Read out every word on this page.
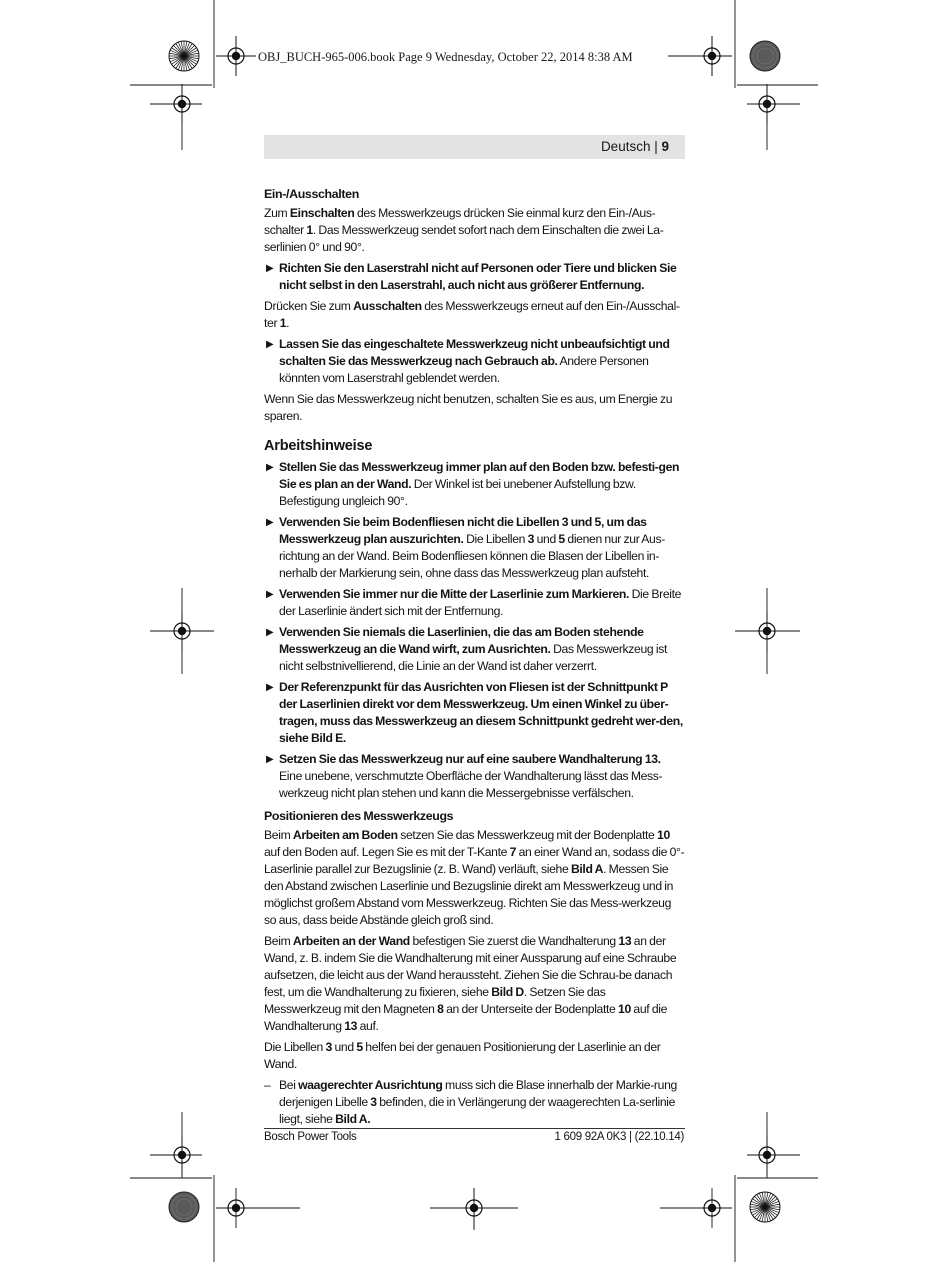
OBJ_BUCH-965-006.book Page 9 Wednesday, October 22, 2014 8:38 AM
Deutsch | 9
Ein-/Ausschalten

Zum Einschalten des Messwerkzeugs drücken Sie einmal kurz den Ein-/Aus-schalter 1. Das Messwerkzeug sendet sofort nach dem Einschalten die zwei La-serlinien 0° und 90°.

▶ Richten Sie den Laserstrahl nicht auf Personen oder Tiere und blicken Sie nicht selbst in den Laserstrahl, auch nicht aus größerer Entfernung.

Drücken Sie zum Ausschalten des Messwerkzeugs erneut auf den Ein-/Ausschal-ter 1.

▶ Lassen Sie das eingeschaltete Messwerkzeug nicht unbeaufsichtigt und schalten Sie das Messwerkzeug nach Gebrauch ab. Andere Personen könnten vom Laserstrahl geblendet werden.

Wenn Sie das Messwerkzeug nicht benutzen, schalten Sie es aus, um Energie zu sparen.

Arbeitshinweise
▶ Stellen Sie das Messwerkzeug immer plan auf den Boden bzw. befesti-gen Sie es plan an der Wand. Der Winkel ist bei unebener Aufstellung bzw. Befestigung ungleich 90°.
▶ Verwenden Sie beim Bodenfliesen nicht die Libellen 3 und 5, um das Messwerkzeug plan auszurichten. Die Libellen 3 und 5 dienen nur zur Aus-richtung an der Wand. Beim Bodenfliesen können die Blasen der Libellen in-nerhalb der Markierung sein, ohne dass das Messwerkzeug plan aufsteht.
▶ Verwenden Sie immer nur die Mitte der Laserlinie zum Markieren. Die Breite der Laserlinie ändert sich mit der Entfernung.
▶ Verwenden Sie niemals die Laserlinien, die das am Boden stehende Messwerkzeug an die Wand wirft, zum Ausrichten. Das Messwerkzeug ist nicht selbstnivellierend, die Linie an der Wand ist daher verzerrt.
▶ Der Referenzpunkt für das Ausrichten von Fliesen ist der Schnittpunkt P der Laserlinien direkt vor dem Messwerkzeug. Um einen Winkel zu über-tragen, muss das Messwerkzeug an diesem Schnittpunkt gedreht wer-den, siehe Bild E.
▶ Setzen Sie das Messwerkzeug nur auf eine saubere Wandhalterung 13. Eine unebene, verschmutzte Oberfläche der Wandhalterung lässt das Mess-werkzeug nicht plan stehen und kann die Messergebnisse verfälschen.
Positionieren des Messwerkzeugs

Beim Arbeiten am Boden setzen Sie das Messwerkzeug mit der Bodenplatte 10 auf den Boden auf. Legen Sie es mit der T-Kante 7 an einer Wand an, sodass die 0°-Laserlinie parallel zur Bezugslinie (z. B. Wand) verläuft, siehe Bild A. Messen Sie den Abstand zwischen Laserlinie und Bezugslinie direkt am Messwerkzeug und in möglichst großem Abstand vom Messwerkzeug. Richten Sie das Mess-werkzeug so aus, dass beide Abstände gleich groß sind.

Beim Arbeiten an der Wand befestigen Sie zuerst die Wandhalterung 13 an der Wand, z. B. indem Sie die Wandhalterung mit einer Aussparung auf eine Schraube aufsetzen, die leicht aus der Wand heraussteht. Ziehen Sie die Schrau-be danach fest, um die Wandhalterung zu fixieren, siehe Bild D. Setzen Sie das Messwerkzeug mit den Magneten 8 an der Unterseite der Bodenplatte 10 auf die Wandhalterung 13 auf.

Die Libellen 3 und 5 helfen bei der genauen Positionierung der Laserlinie an der Wand.

– Bei waagerechter Ausrichtung muss sich die Blase innerhalb der Markie-rung derjenigen Libelle 3 befinden, die in Verlängerung der waagerechten La-serlinie liegt, siehe Bild A.
Bosch Power Tools	1 609 92A 0K3 | (22.10.14)
